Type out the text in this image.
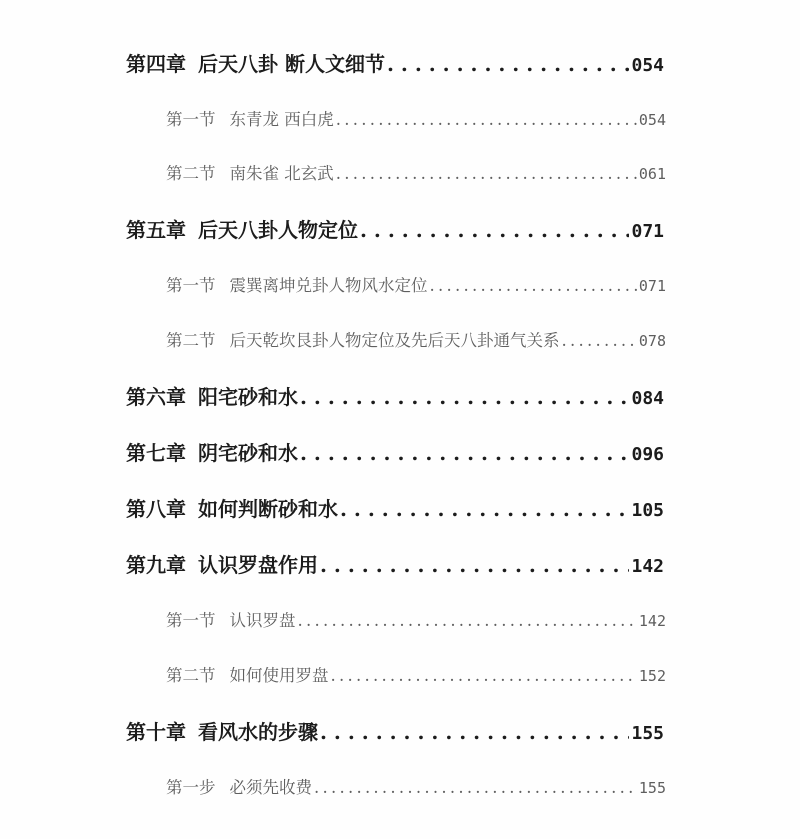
第四章 后天八卦 断人文细节 . . .	054
第一节 东青龙 西白虎 . . .	054
第二节 南朱雀 北玄武 . . .	061
第五章 后天八卦人物定位 . . .	071
第一节 震巽离坤兑卦人物风水定位 . . .	071
第二节 后天乾坎艮卦人物定位及先后天八卦通气关系 . . .	078
第六章 阳宅砂和水 . . .	084
第七章 阴宅砂和水 . . .	096
第八章 如何判断砂和水 . . .	105
第九章 认识罗盘作用 . . .	142
第一节 认识罗盘 . . .	142
第二节 如何使用罗盘 . . .	152
第十章 看风水的步骤 . . .	155
第一步 必须先收费 . . .	155
